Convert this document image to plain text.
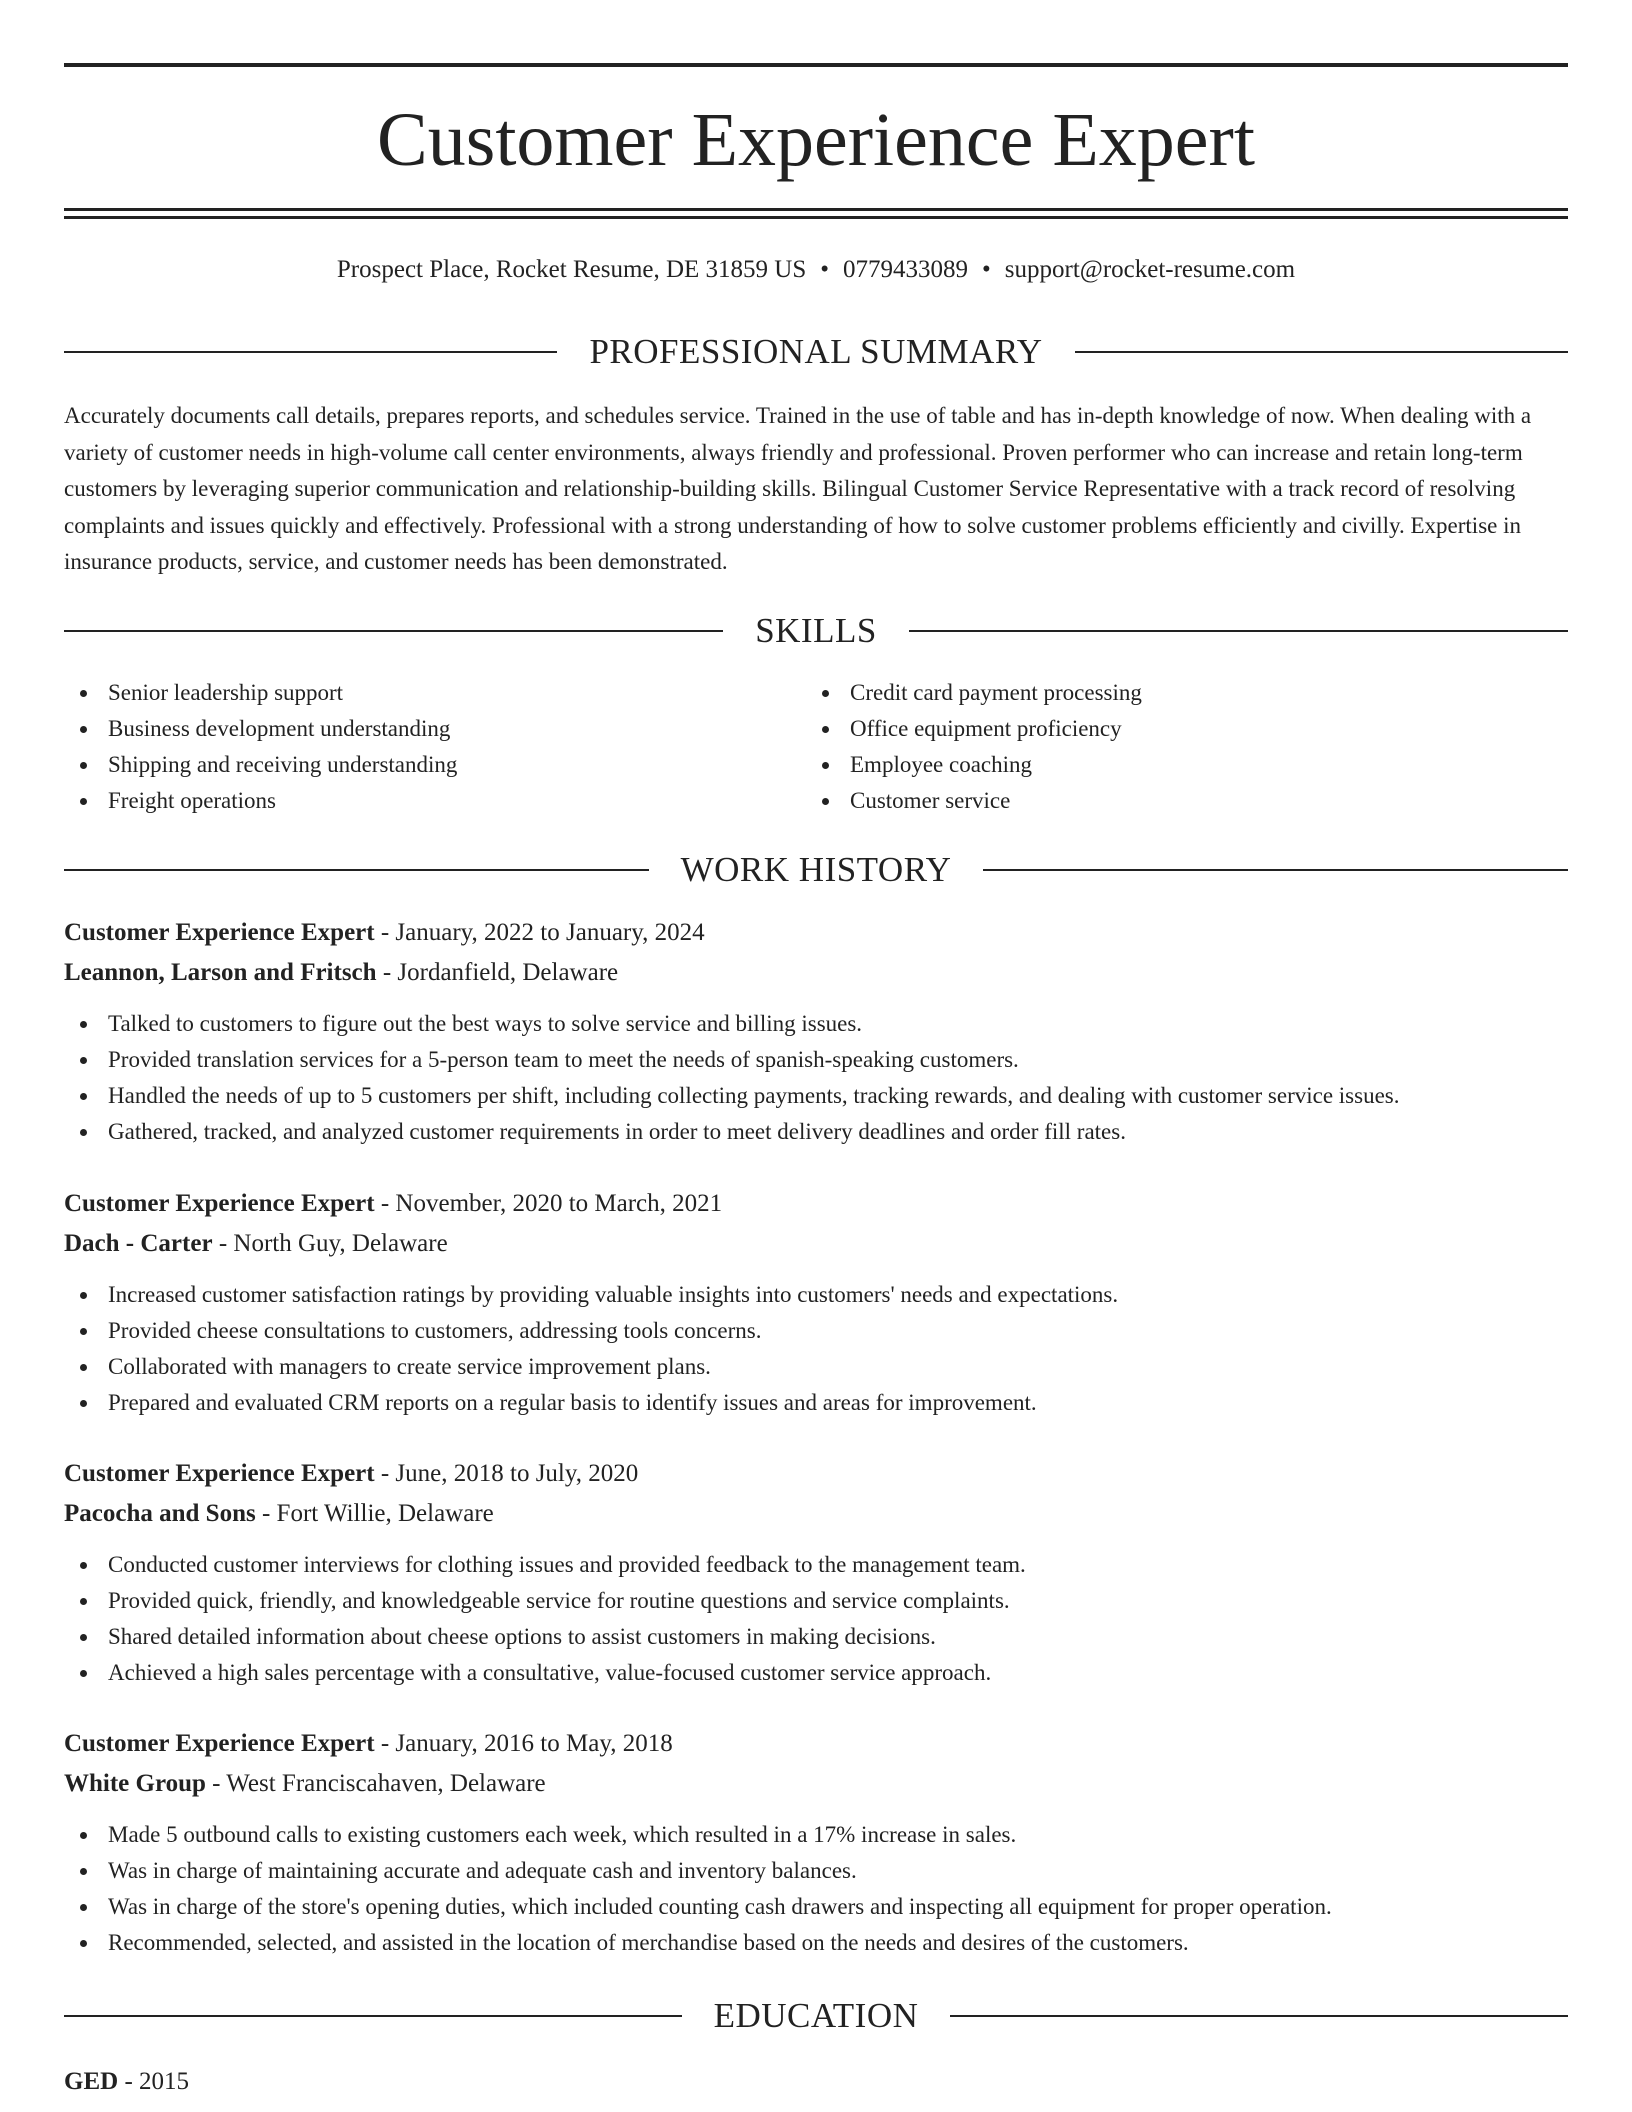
Customer Experience Expert
Prospect Place, Rocket Resume, DE 31859 US • 0779433089 • support@rocket-resume.com
PROFESSIONAL SUMMARY

Accurately documents call details, prepares reports, and schedules service. Trained in the use of table and has in-depth knowledge of now. When dealing with a variety of customer needs in high-volume call center environments, always friendly and professional. Proven performer who can increase and retain long-term customers by leveraging superior communication and relationship-building skills. Bilingual Customer Service Representative with a track record of resolving complaints and issues quickly and effectively. Professional with a strong understanding of how to solve customer problems efficiently and civilly. Expertise in insurance products, service, and customer needs has been demonstrated.

SKILLS
Senior leadership support
Business development understanding
Shipping and receiving understanding
Freight operations
Credit card payment processing
Office equipment proficiency
Employee coaching
Customer service
WORK HISTORY
Customer Experience Expert - January, 2022 to January, 2024
Leannon, Larson and Fritsch - Jordanfield, Delaware
Talked to customers to figure out the best ways to solve service and billing issues.
Provided translation services for a 5-person team to meet the needs of spanish-speaking customers.
Handled the needs of up to 5 customers per shift, including collecting payments, tracking rewards, and dealing with customer service issues.
Gathered, tracked, and analyzed customer requirements in order to meet delivery deadlines and order fill rates.
Customer Experience Expert - November, 2020 to March, 2021
Dach - Carter - North Guy, Delaware
Increased customer satisfaction ratings by providing valuable insights into customers' needs and expectations.
Provided cheese consultations to customers, addressing tools concerns.
Collaborated with managers to create service improvement plans.
Prepared and evaluated CRM reports on a regular basis to identify issues and areas for improvement.
Customer Experience Expert - June, 2018 to July, 2020
Pacocha and Sons - Fort Willie, Delaware
Conducted customer interviews for clothing issues and provided feedback to the management team.
Provided quick, friendly, and knowledgeable service for routine questions and service complaints.
Shared detailed information about cheese options to assist customers in making decisions.
Achieved a high sales percentage with a consultative, value-focused customer service approach.
Customer Experience Expert - January, 2016 to May, 2018
White Group - West Franciscahaven, Delaware
Made 5 outbound calls to existing customers each week, which resulted in a 17% increase in sales.
Was in charge of maintaining accurate and adequate cash and inventory balances.
Was in charge of the store's opening duties, which included counting cash drawers and inspecting all equipment for proper operation.
Recommended, selected, and assisted in the location of merchandise based on the needs and desires of the customers.
EDUCATION
GED - 2015
